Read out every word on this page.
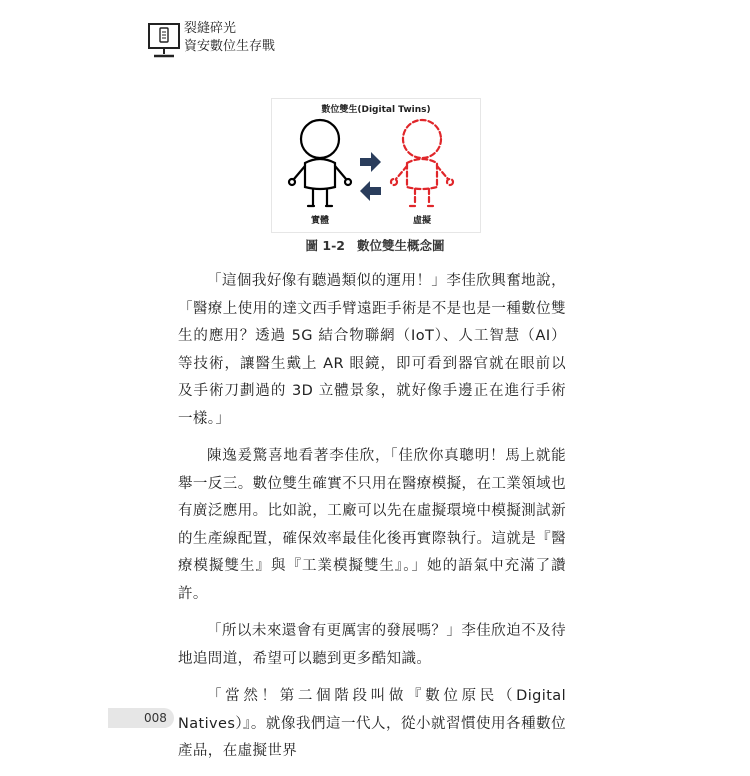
裂縫碎光
資安數位生存戰
數位雙生(Digital Twins)
實體	虛擬
圖 1-2 數位雙生概念圖

「這個我好像有聽過類似的運用！」李佳欣興奮地說，「醫療上使用的達文西手臂遠距手術是不是也是一種數位雙生的應用？透過 5G 結合物聯網（IoT）、人工智慧（AI）等技術，讓醫生戴上 AR 眼鏡，即可看到器官就在眼前以及手術刀劃過的 3D 立體景象，就好像手邊正在進行手術一樣。」

陳逸爰驚喜地看著李佳欣，「佳欣你真聰明！馬上就能舉一反三。數位雙生確實不只用在醫療模擬，在工業領域也有廣泛應用。比如說，工廠可以先在虛擬環境中模擬測試新的生產線配置，確保效率最佳化後再實際執行。這就是『醫療模擬雙生』與『工業模擬雙生』。」她的語氣中充滿了讚許。

「所以未來還會有更厲害的發展嗎？」李佳欣迫不及待地追問道，希望可以聽到更多酷知識。

「當然！第二個階段叫做『數位原民（Digital Natives）』。就像我們這一代人，從小就習慣使用各種數位產品，在虛擬世界

008
